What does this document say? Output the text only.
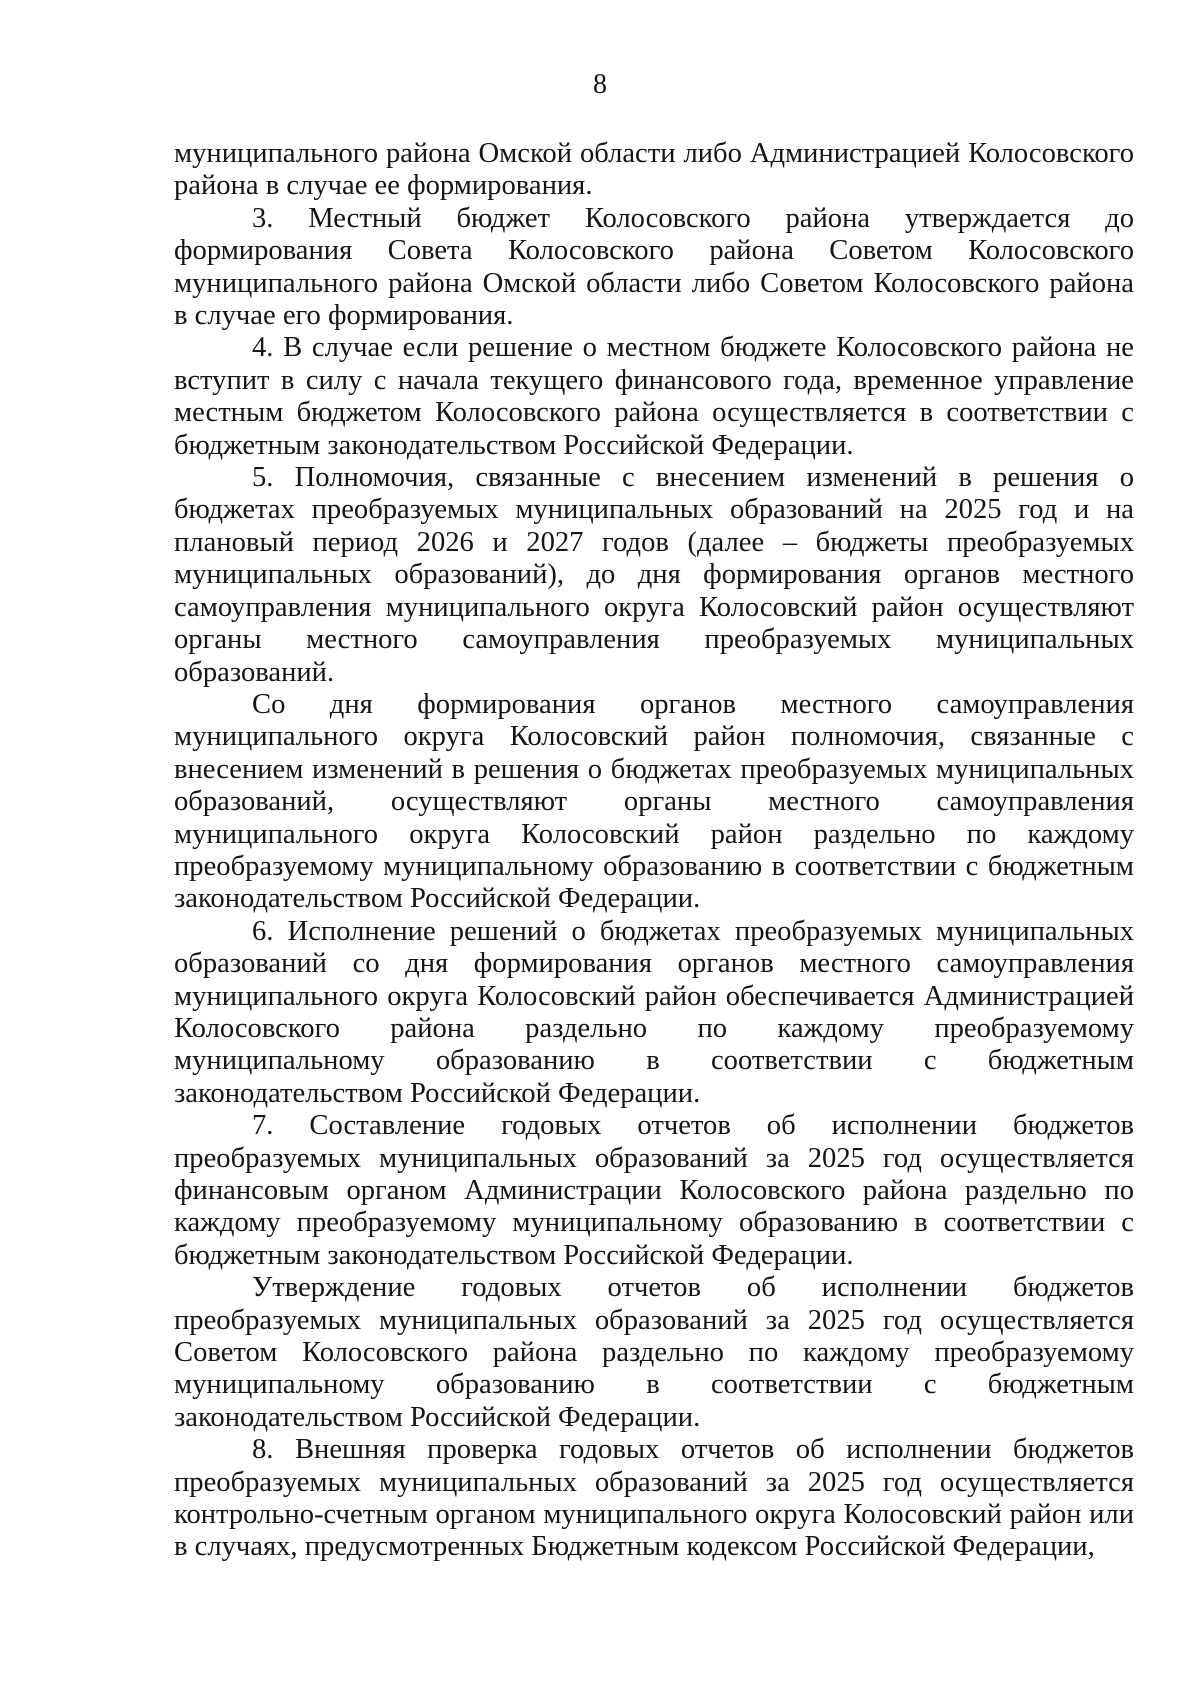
8

муниципального района Омской области либо Администрацией Колосовского района в случае ее формирования.

3. Местный бюджет Колосовского района утверждается до формирования Совета Колосовского района Советом Колосовского муниципального района Омской области либо Советом Колосовского района в случае его формирования.

4. В случае если решение о местном бюджете Колосовского района не вступит в силу с начала текущего финансового года, временное управление местным бюджетом Колосовского района осуществляется в соответствии с бюджетным законодательством Российской Федерации.

5. Полномочия, связанные с внесением изменений в решения о бюджетах преобразуемых муниципальных образований на 2025 год и на плановый период 2026 и 2027 годов (далее – бюджеты преобразуемых муниципальных образований), до дня формирования органов местного самоуправления муниципального округа Колосовский район осуществляют органы местного самоуправления преобразуемых муниципальных образований.

Со дня формирования органов местного самоуправления муниципального округа Колосовский район полномочия, связанные с внесением изменений в решения о бюджетах преобразуемых муниципальных образований, осуществляют органы местного самоуправления муниципального округа Колосовский район раздельно по каждому преобразуемому муниципальному образованию в соответствии с бюджетным законодательством Российской Федерации.

6. Исполнение решений о бюджетах преобразуемых муниципальных образований со дня формирования органов местного самоуправления муниципального округа Колосовский район обеспечивается Администрацией Колосовского района раздельно по каждому преобразуемому муниципальному образованию в соответствии с бюджетным законодательством Российской Федерации.

7. Составление годовых отчетов об исполнении бюджетов преобразуемых муниципальных образований за 2025 год осуществляется финансовым органом Администрации Колосовского района раздельно по каждому преобразуемому муниципальному образованию в соответствии с бюджетным законодательством Российской Федерации.

Утверждение годовых отчетов об исполнении бюджетов преобразуемых муниципальных образований за 2025 год осуществляется Советом Колосовского района раздельно по каждому преобразуемому муниципальному образованию в соответствии с бюджетным законодательством Российской Федерации.

8. Внешняя проверка годовых отчетов об исполнении бюджетов преобразуемых муниципальных образований за 2025 год осуществляется контрольно-счетным органом муниципального округа Колосовский район или в случаях, предусмотренных Бюджетным кодексом Российской Федерации,
